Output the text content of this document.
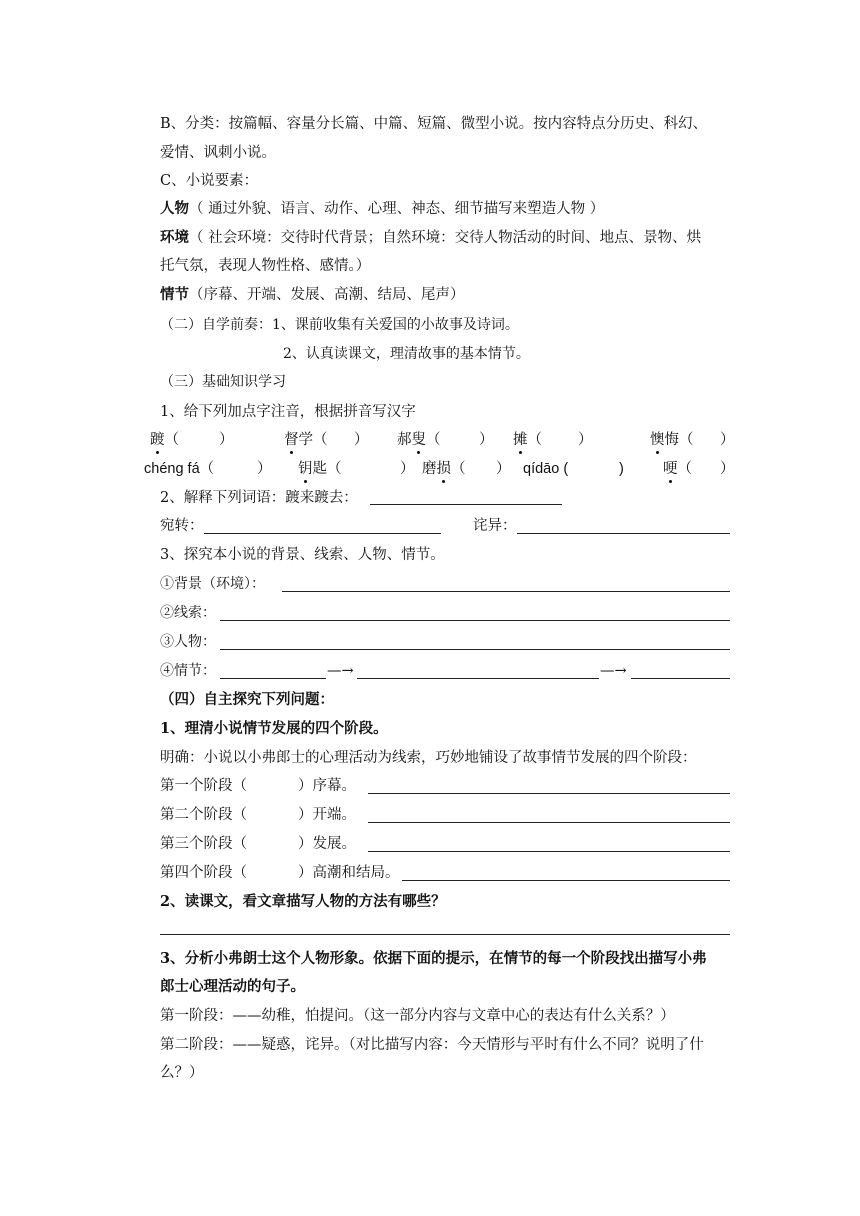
B、分类：按篇幅、容量分长篇、中篇、短篇、微型小说。按内容特点分历史、科幻、
爱情、讽刺小说。
C、小说要素：
人物（ 通过外貌、语言、动作、心理、神态、细节描写来塑造人物 ）
环境（ 社会环境：交待时代背景；自然环境：交待人物活动的时间、地点、景物、烘
托气氛，表现人物性格、感情。）
情节（序幕、开端、发展、高潮、结局、尾声）
（二）自学前奏：1、课前收集有关爱国的小故事及诗词。
2、认真读课文，理清故事的基本情节。
（三）基础知识学习
1、给下列加点字注音，根据拼音写汉字
踱（	）	督学（ ） 郝叟（	） 摊（ ）	懊悔（ ）
chéng fá（	） 钥匙（	） 磨损（ ） qídāo (	)	哽（ ）
2、解释下列词语：踱来踱去：
宛转：	诧异：
3、探究本小说的背景、线索、人物、情节。
①背景（环境）：
②线索：
③人物：
④情节：	—→	—→
（四）自主探究下列问题：
1、理清小说情节发展的四个阶段。
明确：小说以小弗郎士的心理活动为线索，巧妙地铺设了故事情节发展的四个阶段：
第一个阶段（	）序幕。
第二个阶段（	）开端。
第三个阶段（	）发展。
第四个阶段（	）高潮和结局。
2、读课文，看文章描写人物的方法有哪些？
3、分析小弗朗士这个人物形象。依据下面的提示，在情节的每一个阶段找出描写小弗
郎士心理活动的句子。
第一阶段：——幼稚，怕提问。（这一部分内容与文章中心的表达有什么关系？）
第二阶段：——疑惑，诧异。（对比描写内容：今天情形与平时有什么不同？说明了什
么？）
